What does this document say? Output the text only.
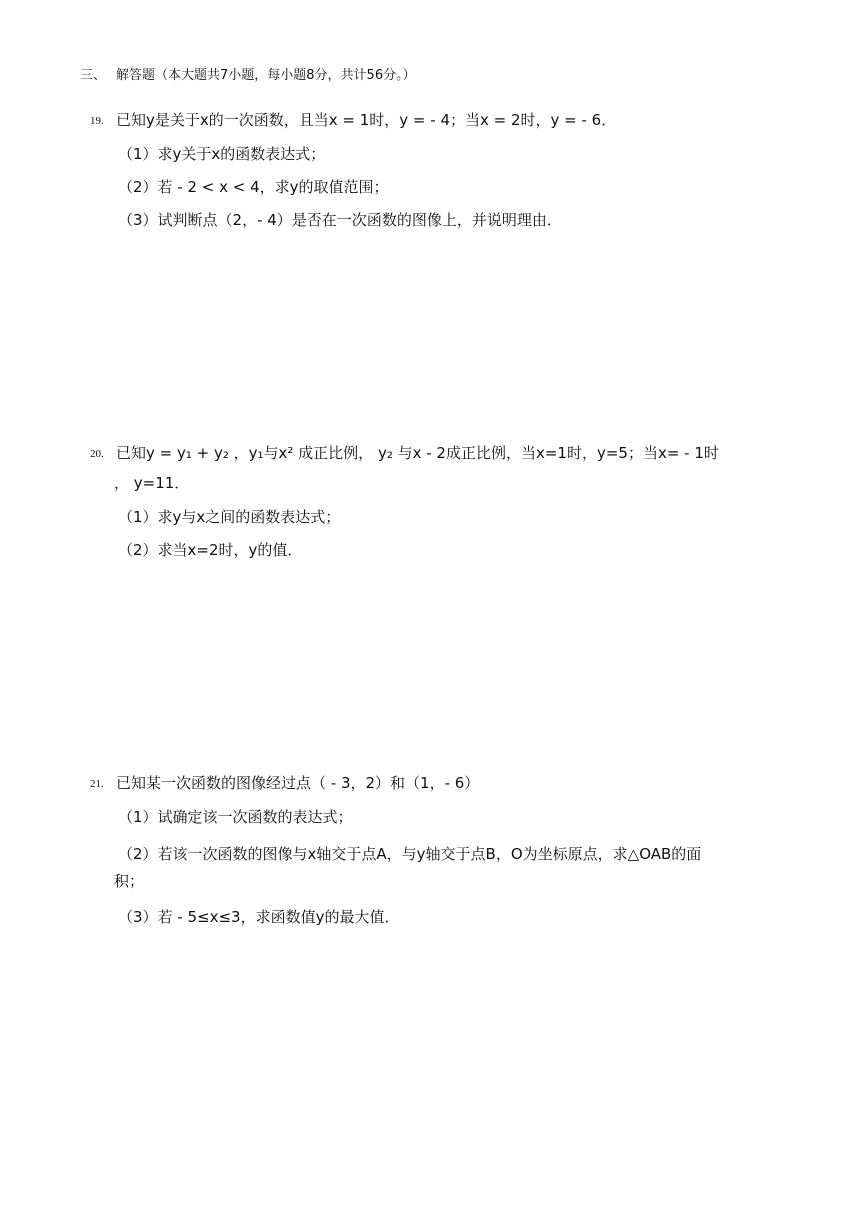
三、 解答题（本大题共7小题，每小题8分，共计56分。）
19. 已知y是关于x的一次函数，且当x = 1时，y = ‐ 4；当x = 2时，y = ‐ 6．
（1）求y关于x的函数表达式；
（2）若 ‐ 2 < x < 4，求y的取值范围；
（3）试判断点（2，‐ 4）是否在一次函数的图像上，并说明理由．
20. 已知y = y₁ + y₂ ，y₁与x² 成正比例， y₂ 与x ‐ 2成正比例，当x=1时，y=5；当x= ‐ 1时
， y=11．
（1）求y与x之间的函数表达式；
（2）求当x=2时，y的值．
21. 已知某一次函数的图像经过点（ ‐ 3，2）和（1，‐ 6）
（1）试确定该一次函数的表达式；
（2）若该一次函数的图像与x轴交于点A，与y轴交于点B，O为坐标原点，求△OAB的面
积；
（3）若 ‐ 5≤x≤3，求函数值y的最大值．
